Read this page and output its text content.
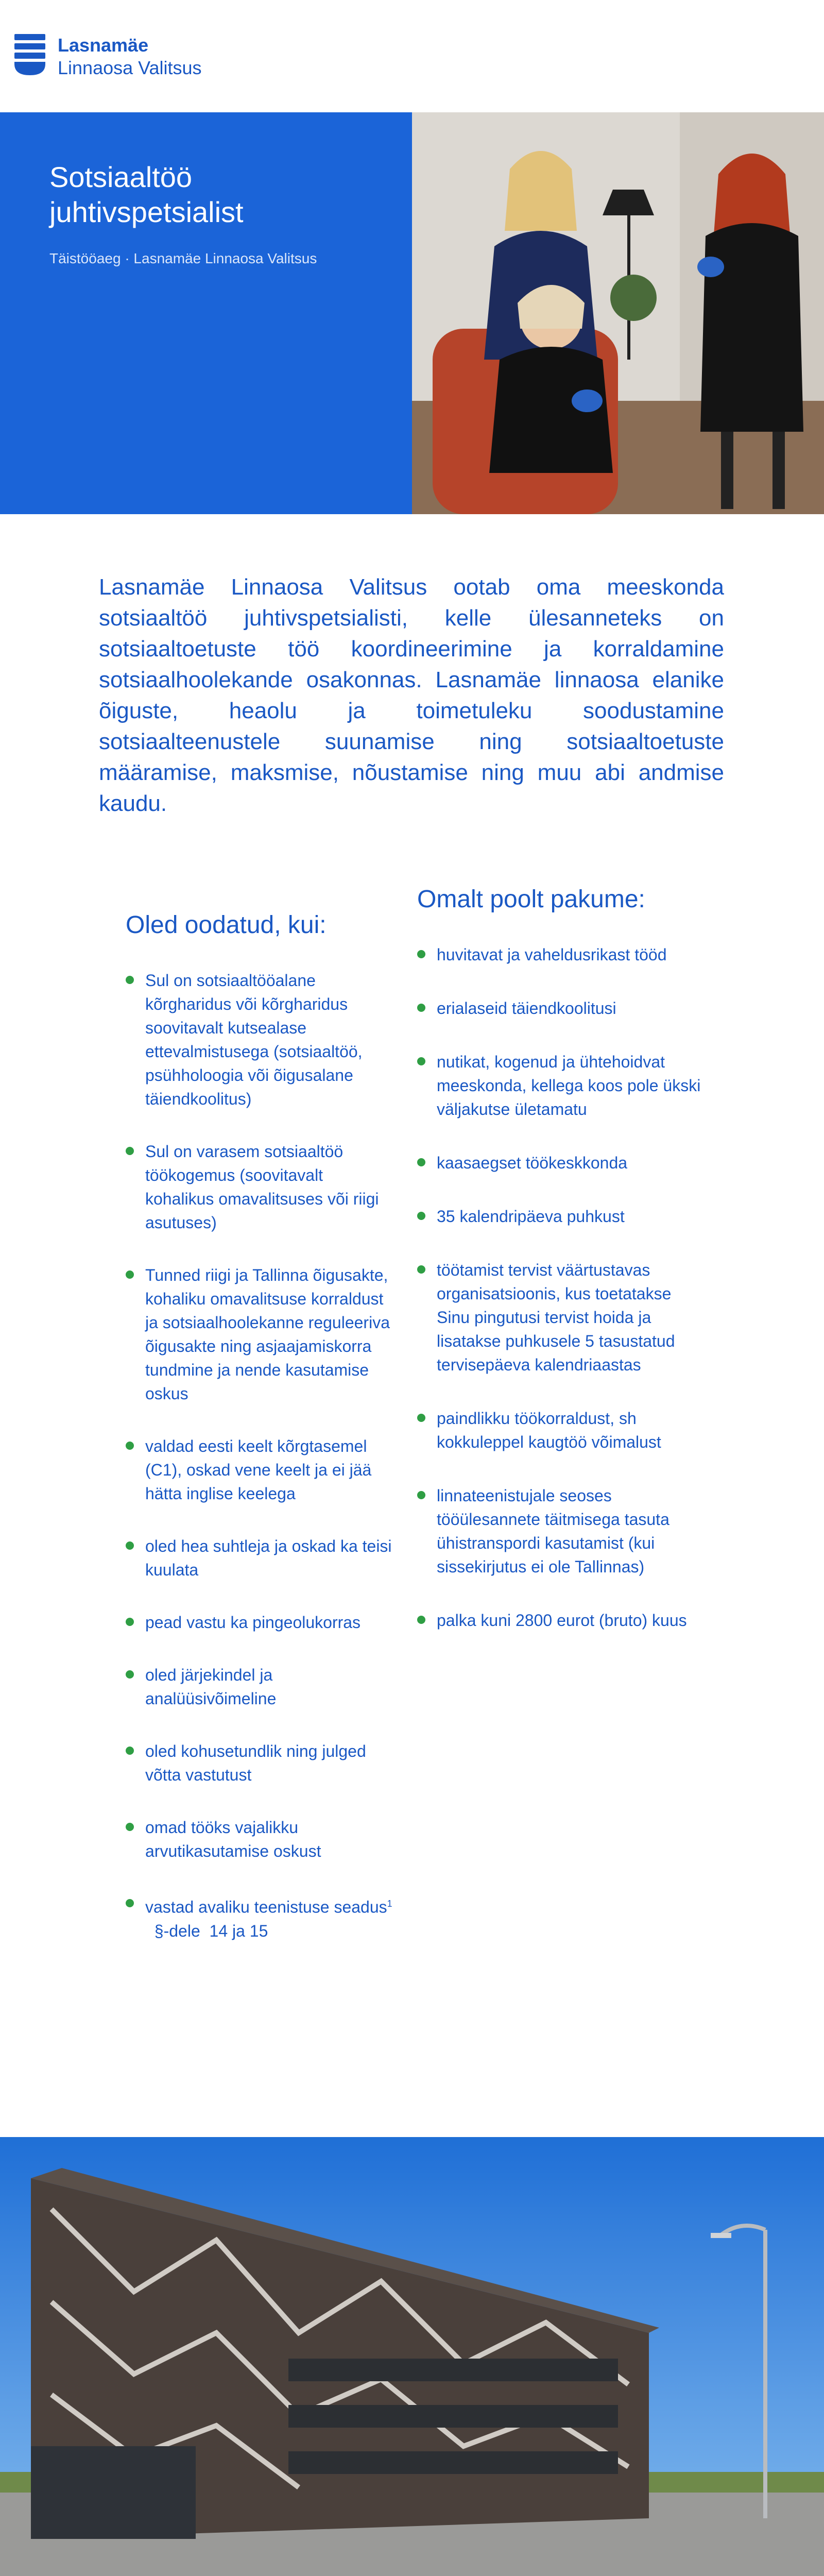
Lasnamäe
Linnaosa Valitsus
Sotsiaaltöö juhtivspetsialist
Täistööaeg · Lasnamäe Linnaosa Valitsus
Lasnamäe Linnaosa Valitsus ootab oma meeskonda sotsiaaltöö juhtivspetsialisti, kelle ülesanneteks on sotsiaaltoetuste töö koordineerimine ja korraldamine sotsiaalhoolekande osakonnas. Lasnamäe linnaosa elanike õiguste, heaolu ja toimetuleku soodustamine sotsiaalteenustele suunamise ning sotsiaaltoetuste määramise, maksmise, nõustamise ning muu abi andmise kaudu.
Oled oodatud, kui:
Sul on sotsiaaltööalane kõrgharidus või kõrgharidus soovitavalt kutsealase ettevalmistusega (sotsiaaltöö, psühholoogia või õigusalane täiendkoolitus)
Sul on varasem sotsiaaltöö töökogemus (soovitavalt kohalikus omavalitsuses või riigi asutuses)
Tunned riigi ja Tallinna õigusakte, kohaliku omavalitsuse korraldust ja sotsiaalhoolekanne reguleeriva õigusakte ning asjaajamiskorra tundmine ja nende kasutamise oskus
valdad eesti keelt kõrgtasemel (C1), oskad vene keelt ja ei jää hätta inglise keelega
oled hea suhtleja ja oskad ka teisi kuulata
pead vastu ka pingeolukorras
oled järjekindel ja analüüsivõimeline
oled kohusetundlik ning julged võtta vastutust
omad tööks vajalikku arvutikasutamise oskust
vastad avaliku teenistuse seadus$^1$  §-dele  14 ja 15
Omalt poolt pakume:
huvitavat ja vaheldusrikast tööd
erialaseid täiendkoolitusi
nutikat, kogenud ja ühtehoidvat meeskonda, kellega koos pole ükski väljakutse ületamatu
kaasaegset töökeskkonda
35 kalendripäeva puhkust
töötamist tervist väärtustavas organisatsioonis, kus toetatakse Sinu pingutusi tervist hoida ja lisatakse puhkusele 5 tasustatud tervisepäeva kalendriaastas
paindlikku töökorraldust, sh kokkuleppel kaugtöö võimalust
linnateenistujale seoses tööülesannete täitmisega tasuta ühistranspordi kasutamist (kui sissekirjutus ei ole Tallinnas)
palka kuni 2800 eurot (bruto) kuus
